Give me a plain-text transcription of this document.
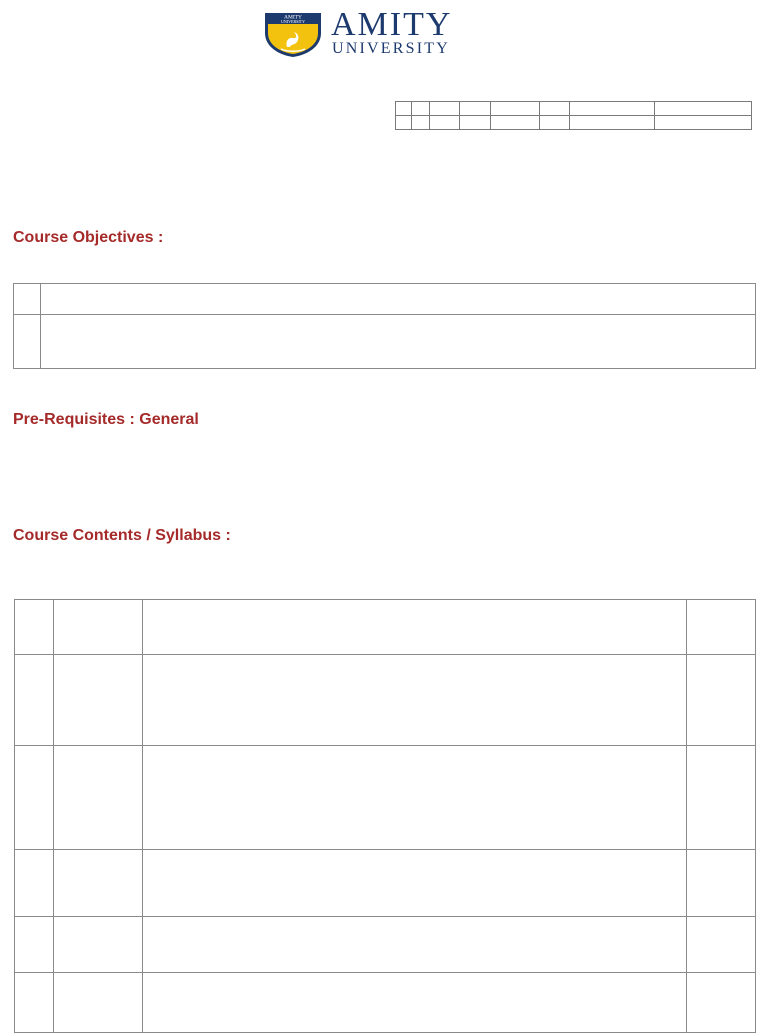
AMITY
UNIVERSITY AMITY
UNIVERSITY

Course Objectives :

Pre-Requisites : General
Course Contents / Syllabus :
